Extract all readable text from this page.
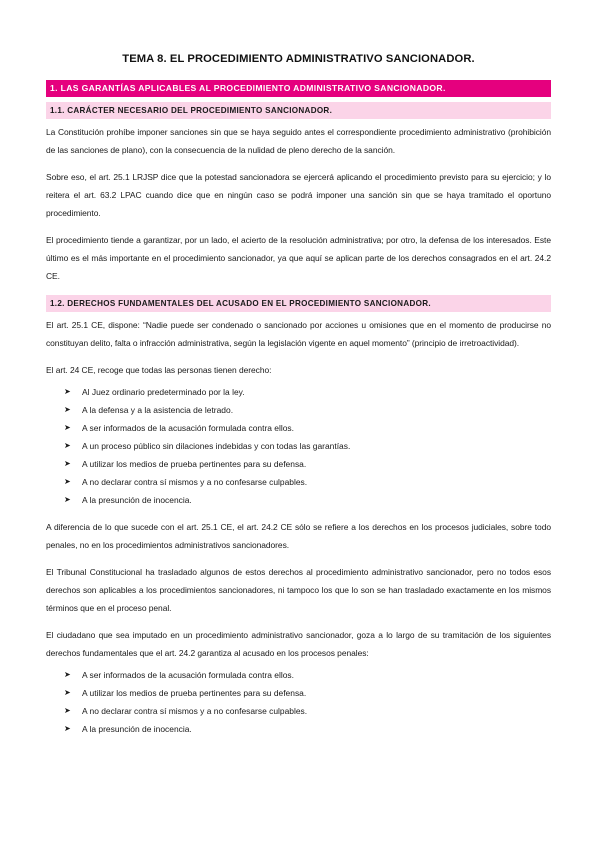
TEMA 8. EL PROCEDIMIENTO ADMINISTRATIVO SANCIONADOR.
1. LAS GARANTÍAS APLICABLES AL PROCEDIMIENTO ADMINISTRATIVO SANCIONADOR.
1.1. CARÁCTER NECESARIO DEL PROCEDIMIENTO SANCIONADOR.

La Constitución prohíbe imponer sanciones sin que se haya seguido antes el correspondiente procedimiento administrativo (prohibición de las sanciones de plano), con la consecuencia de la nulidad de pleno derecho de la sanción.

Sobre eso, el art. 25.1 LRJSP dice que la potestad sancionadora se ejercerá aplicando el procedimiento previsto para su ejercicio; y lo reitera el art. 63.2 LPAC cuando dice que en ningún caso se podrá imponer una sanción sin que se haya tramitado el oportuno procedimiento.

El procedimiento tiende a garantizar, por un lado, el acierto de la resolución administrativa; por otro, la defensa de los interesados. Este último es el más importante en el procedimiento sancionador, ya que aquí se aplican parte de los derechos consagrados en el art. 24.2 CE.

1.2. DERECHOS FUNDAMENTALES DEL ACUSADO EN EL PROCEDIMIENTO SANCIONADOR.

El art. 25.1 CE, dispone: “Nadie puede ser condenado o sancionado por acciones u omisiones que en el momento de producirse no constituyan delito, falta o infracción administrativa, según la legislación vigente en aquel momento” (principio de irretroactividad).

El art. 24 CE, recoge que todas las personas tienen derecho:

➤ Al Juez ordinario predeterminado por la ley.
➤ A la defensa y a la asistencia de letrado.
➤ A ser informados de la acusación formulada contra ellos.
➤ A un proceso público sin dilaciones indebidas y con todas las garantías.
➤ A utilizar los medios de prueba pertinentes para su defensa.
➤ A no declarar contra sí mismos y a no confesarse culpables.
➤ A la presunción de inocencia.

A diferencia de lo que sucede con el art. 25.1 CE, el art. 24.2 CE sólo se refiere a los derechos en los procesos judiciales, sobre todo penales, no en los procedimientos administrativos sancionadores.

El Tribunal Constitucional ha trasladado algunos de estos derechos al procedimiento administrativo sancionador, pero no todos esos derechos son aplicables a los procedimientos sancionadores, ni tampoco los que lo son se han trasladado exactamente en los mismos términos que en el proceso penal.

El ciudadano que sea imputado en un procedimiento administrativo sancionador, goza a lo largo de su tramitación de los siguientes derechos fundamentales que el art. 24.2 garantiza al acusado en los procesos penales:

➤ A ser informados de la acusación formulada contra ellos.
➤ A utilizar los medios de prueba pertinentes para su defensa.
➤ A no declarar contra sí mismos y a no confesarse culpables.
➤ A la presunción de inocencia.
